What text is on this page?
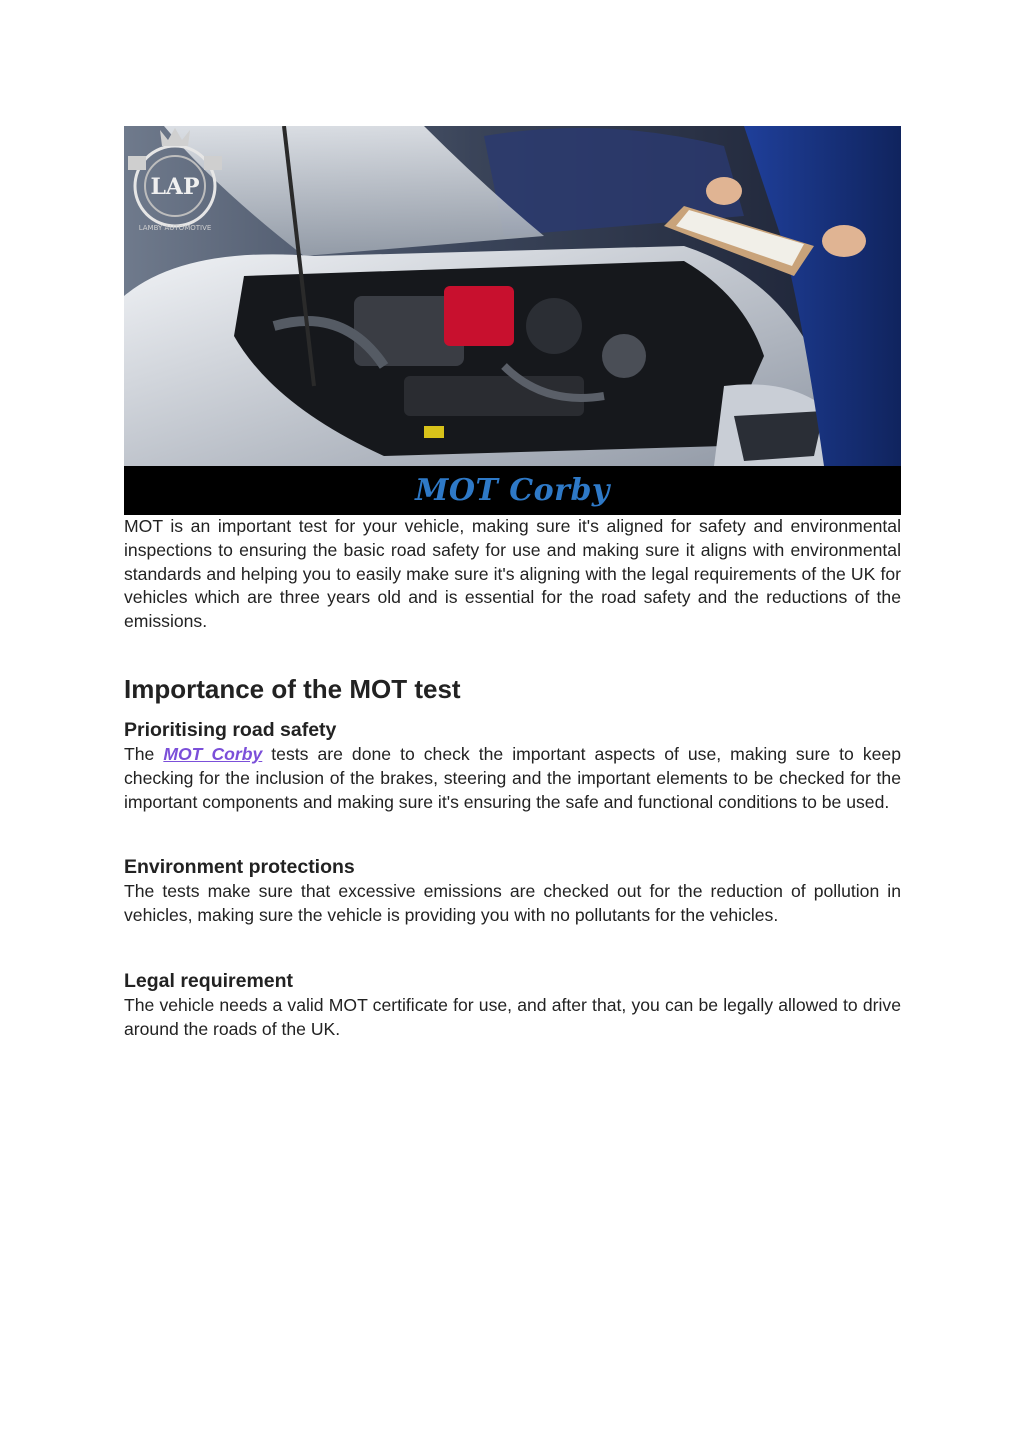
LAP
LAMBY AUTOMOTIVE
MOT Corby

MOT is an important test for your vehicle, making sure it's aligned for safety and environmental inspections to ensuring the basic road safety for use and making sure it aligns with environmental standards and helping you to easily make sure it's aligning with the legal requirements of the UK for vehicles which are three years old and is essential for the road safety and the reductions of the emissions.

Importance of the MOT test
Prioritising road safety

The MOT Corby tests are done to check the important aspects of use, making sure to keep checking for the inclusion of the brakes, steering and the important elements to be checked for the important components and making sure it's ensuring the safe and functional conditions to be used.

Environment protections

The tests make sure that excessive emissions are checked out for the reduction of pollution in vehicles, making sure the vehicle is providing you with no pollutants for the vehicles.

Legal requirement

The vehicle needs a valid MOT certificate for use, and after that, you can be legally allowed to drive around the roads of the UK.
